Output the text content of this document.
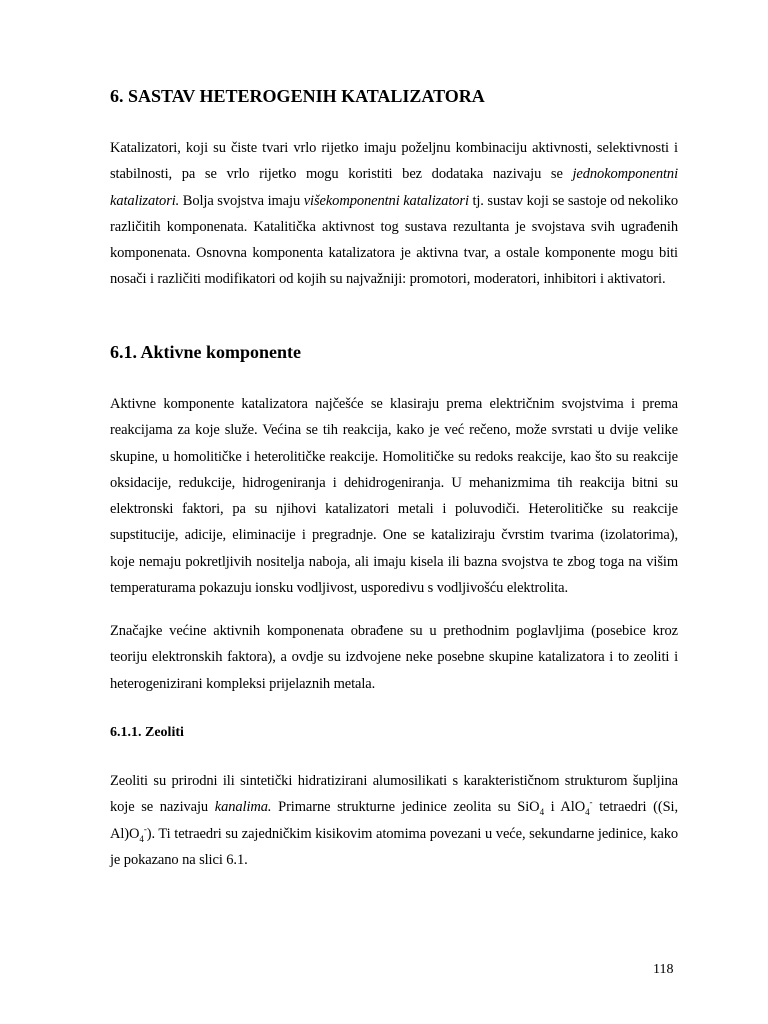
6. SASTAV HETEROGENIH KATALIZATORA

Katalizatori, koji su čiste tvari vrlo rijetko imaju poželjnu kombinaciju aktivnosti, selektivnosti i stabilnosti, pa se vrlo rijetko mogu koristiti bez dodataka nazivaju se jednokomponentni katalizatori. Bolja svojstva imaju višekomponentni katalizatori tj. sustav koji se sastoje od nekoliko različitih komponenata. Katalitička aktivnost tog sustava rezultanta je svojstava svih ugrađenih komponenata. Osnovna komponenta katalizatora je aktivna tvar, a ostale komponente mogu biti nosači i različiti modifikatori od kojih su najvažniji: promotori, moderatori, inhibitori i aktivatori.

6.1. Aktivne komponente

Aktivne komponente katalizatora najčešće se klasiraju prema električnim svojstvima i prema reakcijama za koje služe. Većina se tih reakcija, kako je već rečeno, može svrstati u dvije velike skupine, u homolitičke i heterolitičke reakcije. Homolitičke su redoks reakcije, kao što su reakcije oksidacije, redukcije, hidrogeniranja i dehidrogeniranja. U mehanizmima tih reakcija bitni su elektronski faktori, pa su njihovi katalizatori metali i poluvodiči. Heterolitičke su reakcije supstitucije, adicije, eliminacije i pregradnje. One se kataliziraju čvrstim tvarima (izolatorima), koje nemaju pokretljivih nositelja naboja, ali imaju kisela ili bazna svojstva te zbog toga na višim temperaturama pokazuju ionsku vodljivost, usporedivu s vodljivošću elektrolita.

Značajke većine aktivnih komponenata obrađene su u prethodnim poglavljima (posebice kroz teoriju elektronskih faktora), a ovdje su izdvojene neke posebne skupine katalizatora i to zeoliti i heterogenizirani kompleksi prijelaznih metala.

6.1.1. Zeoliti

Zeoliti su prirodni ili sintetički hidratizirani alumosilikati s karakterističnom strukturom šupljina koje se nazivaju kanalima. Primarne strukturne jedinice zeolita su SiO$_4$ i AlO$_4$- tetraedri ((Si, $Al)O_4^-$). Ti tetraedri su zajedničkim kisikovim atomima povezani u veće, sekundarne jedinice, kako je pokazano na slici 6.1.

118
